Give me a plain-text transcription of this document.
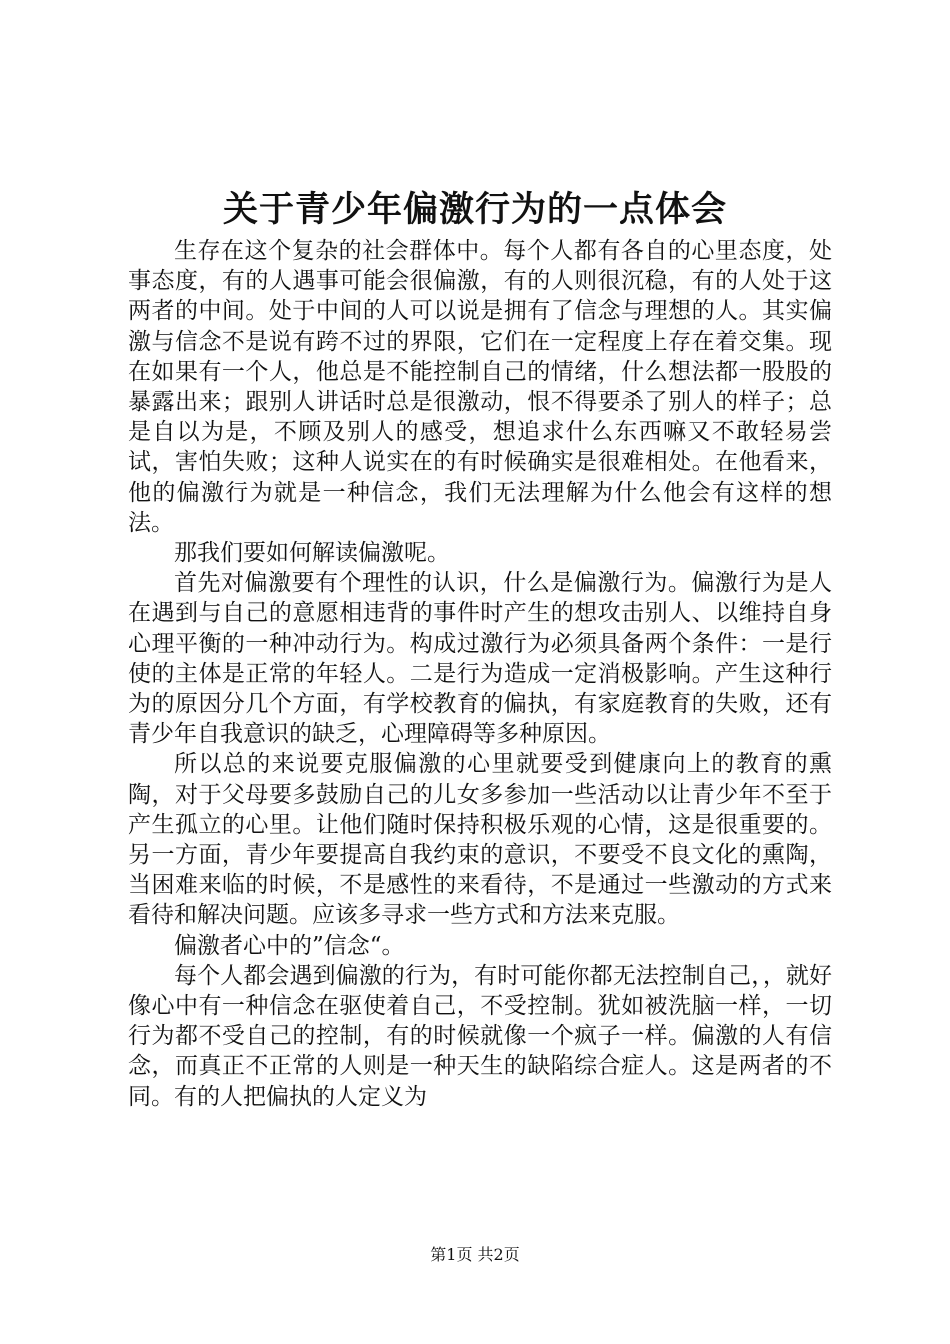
关于青少年偏激行为的一点体会

生存在这个复杂的社会群体中。每个人都有各自的心里态度，处事态度，有的人遇事可能会很偏激，有的人则很沉稳，有的人处于这两者的中间。处于中间的人可以说是拥有了信念与理想的人。其实偏激与信念不是说有跨不过的界限，它们在一定程度上存在着交集。现在如果有一个人，他总是不能控制自己的情绪，什么想法都一股股的暴露出来；跟别人讲话时总是很激动，恨不得要杀了别人的样子；总是自以为是，不顾及别人的感受，想追求什么东西嘛又不敢轻易尝试，害怕失败；这种人说实在的有时候确实是很难相处。在他看来，他的偏激行为就是一种信念，我们无法理解为什么他会有这样的想法。

那我们要如何解读偏激呢。

首先对偏激要有个理性的认识，什么是偏激行为。偏激行为是人在遇到与自己的意愿相违背的事件时产生的想攻击别人、以维持自身心理平衡的一种冲动行为。构成过激行为必须具备两个条件：一是行使的主体是正常的年轻人。二是行为造成一定消极影响。产生这种行为的原因分几个方面，有学校教育的偏执，有家庭教育的失败，还有青少年自我意识的缺乏，心理障碍等多种原因。

所以总的来说要克服偏激的心里就要受到健康向上的教育的熏陶，对于父母要多鼓励自己的儿女多参加一些活动以让青少年不至于产生孤立的心里。让他们随时保持积极乐观的心情，这是很重要的。另一方面，青少年要提高自我约束的意识，不要受不良文化的熏陶，当困难来临的时候，不是感性的来看待，不是通过一些激动的方式来看待和解决问题。应该多寻求一些方式和方法来克服。

偏激者心中的”信念“。

每个人都会遇到偏激的行为，有时可能你都无法控制自己，，就好像心中有一种信念在驱使着自己，不受控制。犹如被洗脑一样，一切行为都不受自己的控制，有的时候就像一个疯子一样。偏激的人有信念，而真正不正常的人则是一种天生的缺陷综合症人。这是两者的不同。有的人把偏执的人定义为

第1页 共2页
